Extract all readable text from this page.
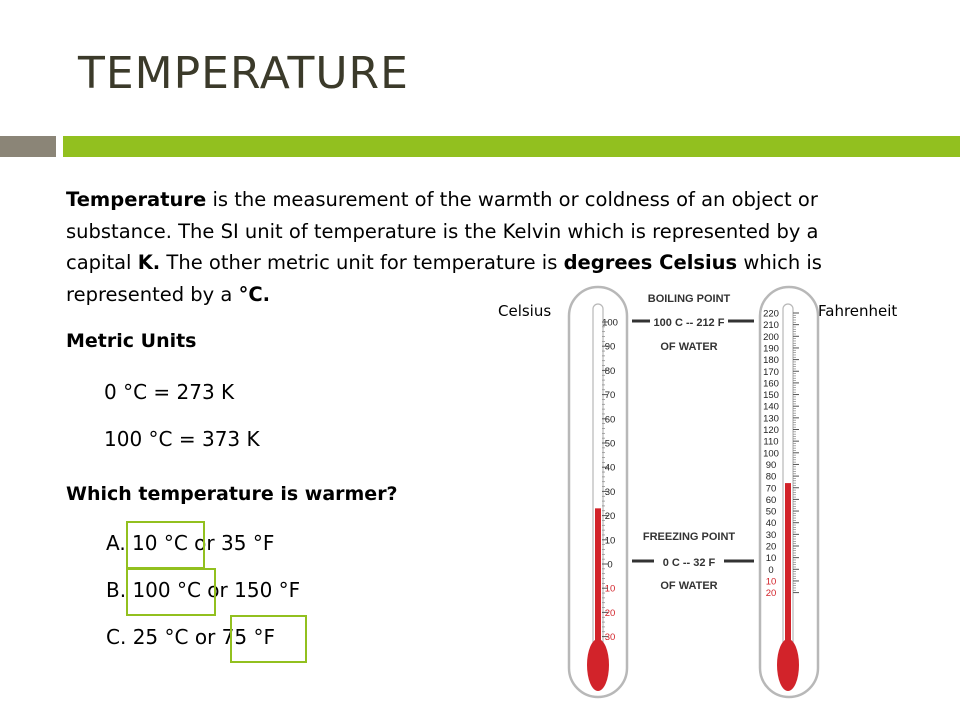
TEMPERATURE
Temperature is the measurement of the warmth or coldness of an object or
substance. The SI unit of temperature is the Kelvin which is represented by a
capital K. The other metric unit for temperature is degrees Celsius which is
represented by a °C.
Metric Units
0 °C = 273 K
100 °C = 373 K
Which temperature is warmer?
A. 10 °C or 35 °F
B. 100 °C or 150 °F
C. 25 °C or 75 °F
Celsius	Fahrenheit
100
90
80
70
60
50
40
30
20
10
0
10
20
30
220
210
200
190
180
170
160
150
140
130
120
110
100
90
80
70
60
50
40
30
20
10
0
10
20
BOILING POINT
100 C -- 212 F
OF WATER
FREEZING POINT
0 C -- 32 F
OF WATER
